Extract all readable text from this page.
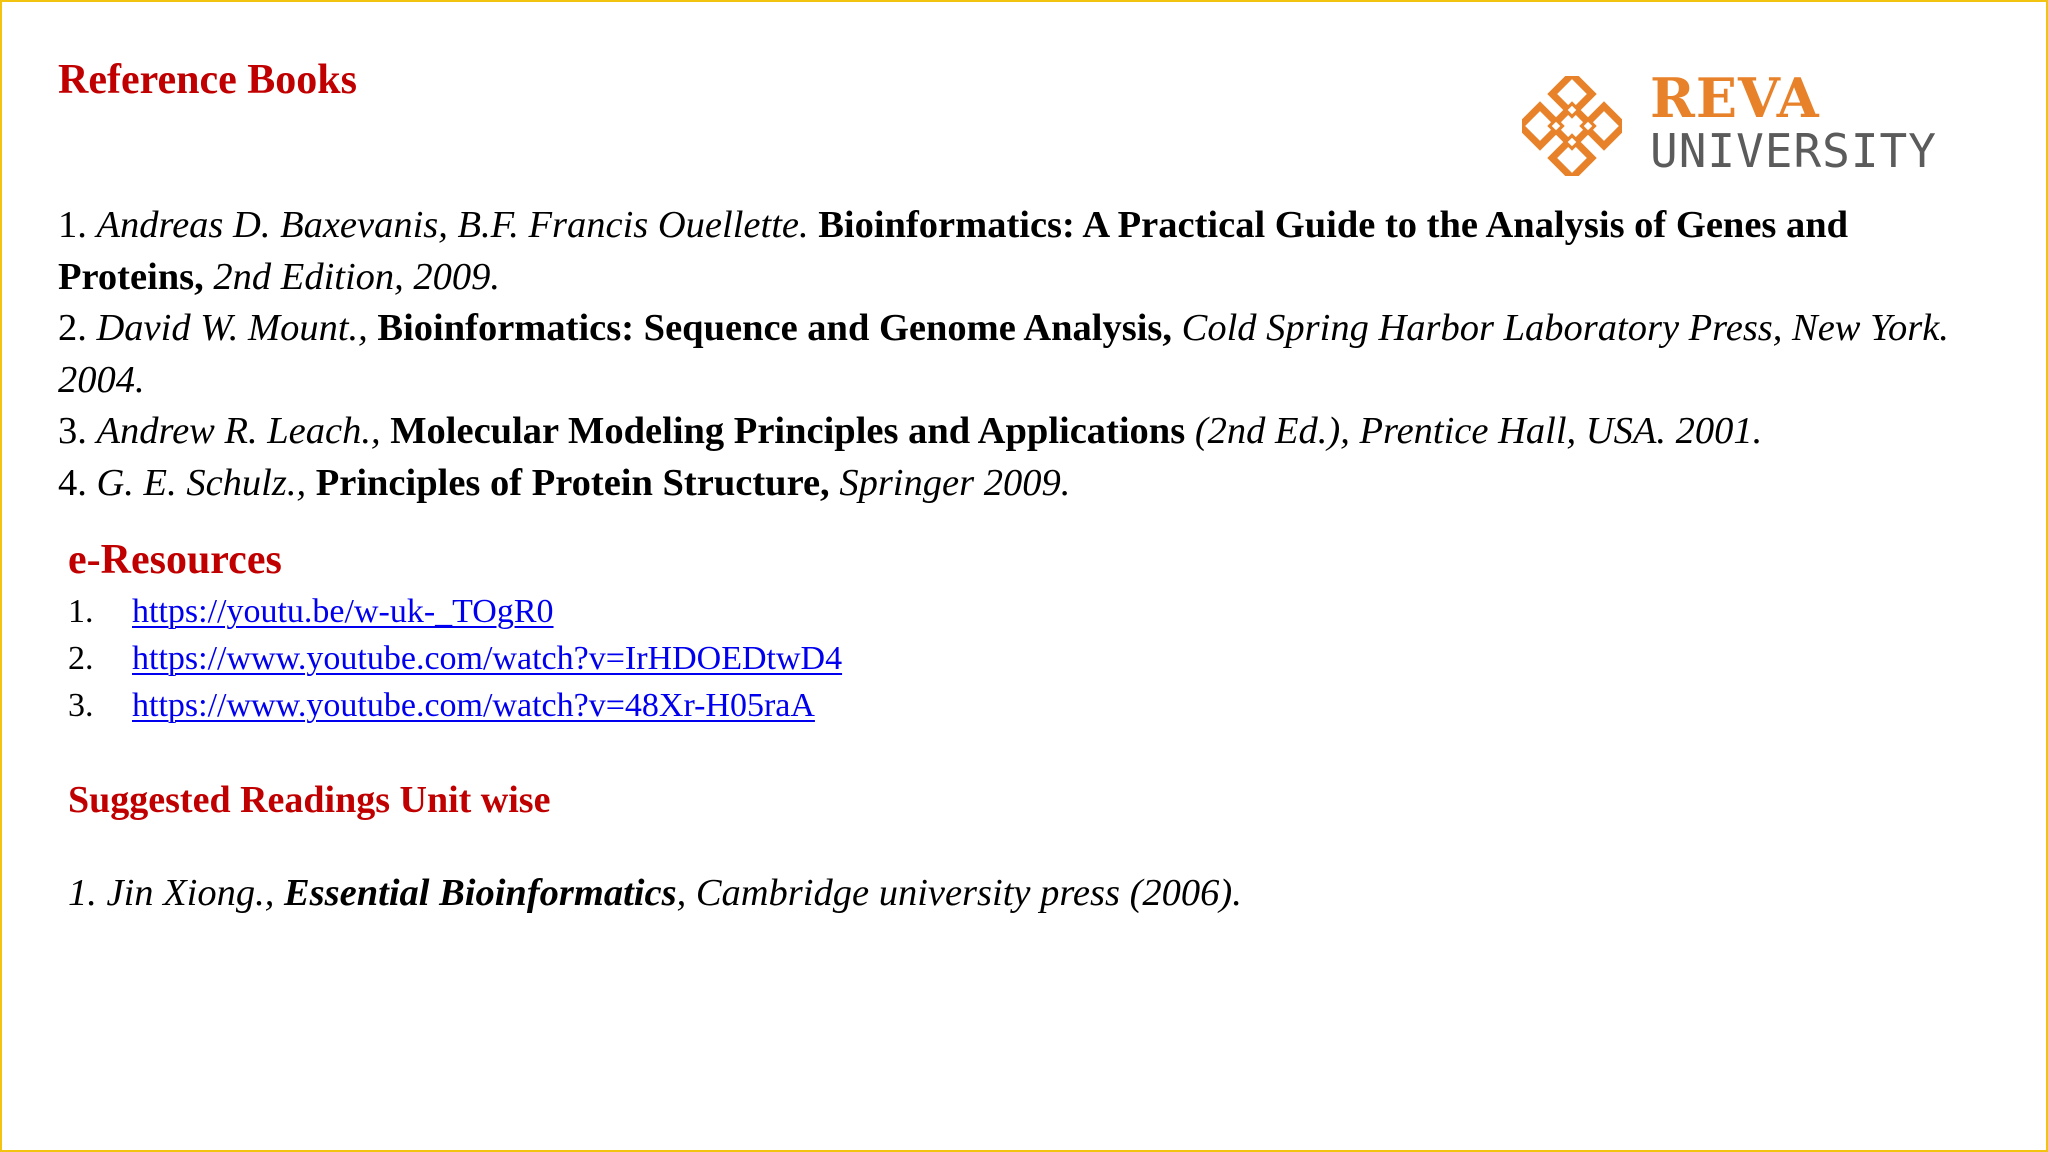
Reference Books	REVA
UNIVERSITY

1. Andreas D. Baxevanis, B.F. Francis Ouellette. Bioinformatics: A Practical Guide to the Analysis of Genes and Proteins, 2nd Edition, 2009.

2. David W. Mount., Bioinformatics: Sequence and Genome Analysis, Cold Spring Harbor Laboratory Press, New York. 2004.

3. Andrew R. Leach., Molecular Modeling Principles and Applications (2nd Ed.), Prentice Hall, USA. 2001.

4. G. E. Schulz., Principles of Protein Structure, Springer 2009.

e-Resources
1. https://youtu.be/w-uk-_TOgR0
2. https://www.youtube.com/watch?v=IrHDOEDtwD4
3. https://www.youtube.com/watch?v=48Xr-H05raA
Suggested Readings Unit wise

1. Jin Xiong., Essential Bioinformatics, Cambridge university press (2006).
